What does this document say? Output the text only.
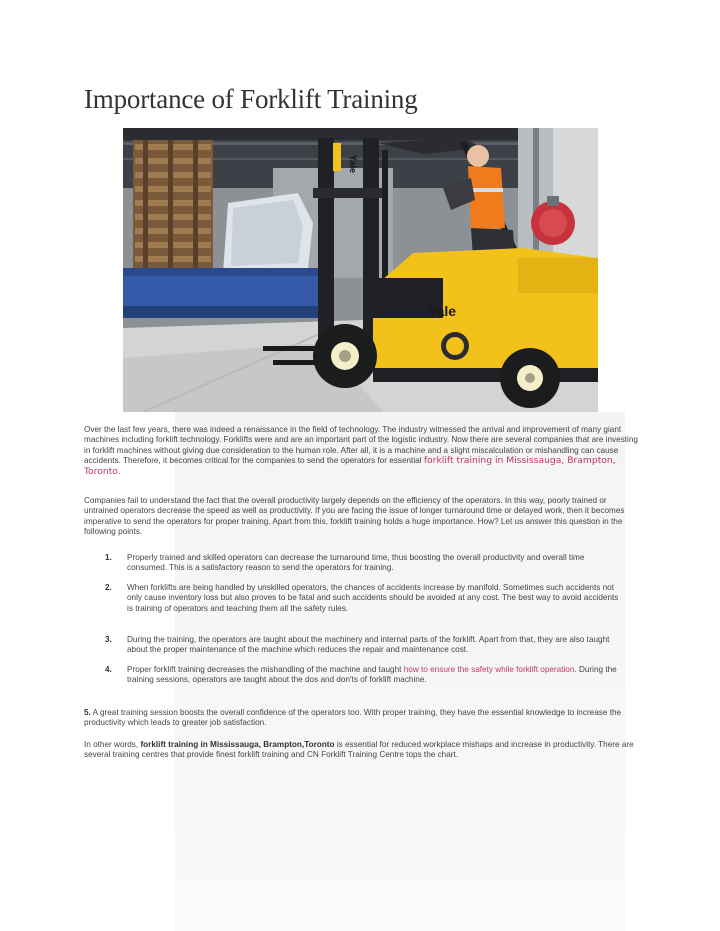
Importance of Forklift Training
Yale
Yale
Over the last few years, there was indeed a renaissance in the field of technology. The industry witnessed the arrival and improvement of many giant machines including forklift technology. Forklifts were and are an important part of the logistic industry. Now there are several companies that are investing in forklift machines without giving due consideration to the human role. After all, it is a machine and a slight miscalculation or mishandling can cause accidents. Therefore, it becomes critical for the companies to send the operators for essential forklift training in Mississauga, Brampton, Toronto.
Companies fail to understand the fact that the overall productivity largely depends on the efficiency of the operators. In this way, poorly trained or untrained operators decrease the speed as well as productivity. If you are facing the issue of longer turnaround time or delayed work, then it becomes imperative to send the operators for proper training. Apart from this, forklift training holds a huge importance. How? Let us answer this question in the following points.
1. Properly trained and skilled operators can decrease the turnaround time, thus boosting the overall productivity and overall time consumed. This is a satisfactory reason to send the operators for training.
2. When forklifts are being handled by unskilled operators, the chances of accidents increase by manifold. Sometimes such accidents not only cause inventory loss but also proves to be fatal and such accidents should be avoided at any cost. The best way to avoid accidents is training of operators and teaching them all the safety rules.
3. During the training, the operators are taught about the machinery and internal parts of the forklift. Apart from that, they are also taught about the proper maintenance of the machine which reduces the repair and maintenance cost.
4. Proper forklift training decreases the mishandling of the machine and taught how to ensure the safety while forklift operation. During the training sessions, operators are taught about the dos and don'ts of forklift machine.
5. A great training session boosts the overall confidence of the operators too. With proper training, they have the essential knowledge to increase the productivity which leads to greater job satisfaction.
In other words, forklift training in Mississauga, Brampton,Toronto is essential for reduced workplace mishaps and increase in productivity. There are several training centres that provide finest forklift training and CN Forklift Training Centre tops the chart.
